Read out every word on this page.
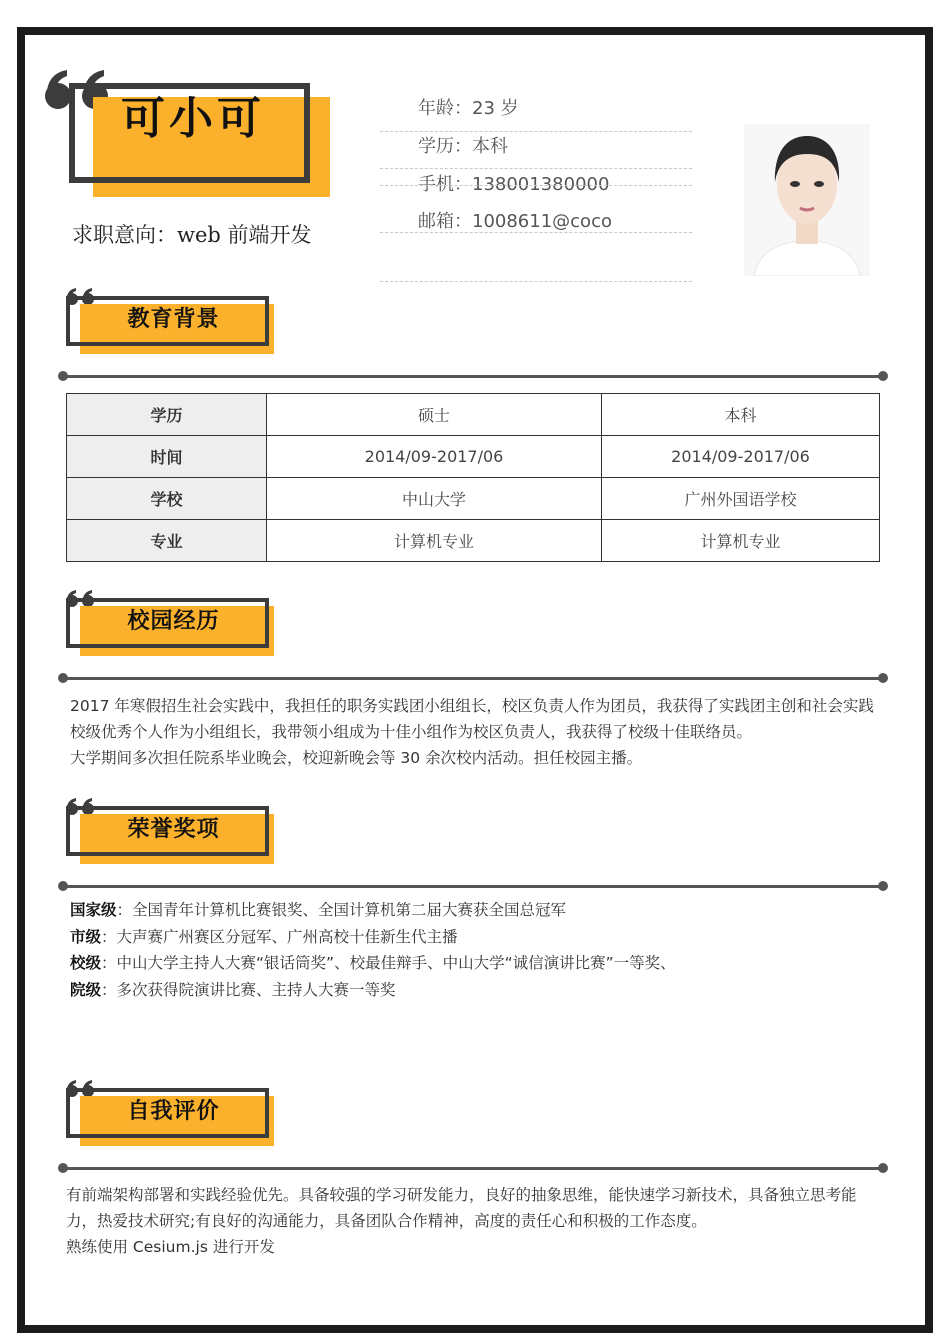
可小可
求职意向：web 前端开发
年龄：23 岁
学历：本科
手机：138001380000
邮箱：1008611@coco
教育背景
学历	硕士	本科
时间	2014/09-2017/06	2014/09-2017/06
学校	中山大学	广州外国语学校
专业	计算机专业	计算机专业
校园经历

2017 年寒假招生社会实践中，我担任的职务实践团小组组长，校区负责人作为团员，我获得了实践团主创和社会实践校级优秀个人作为小组组长，我带领小组成为十佳小组作为校区负责人，我获得了校级十佳联络员。

大学期间多次担任院系毕业晚会，校迎新晚会等 30 余次校内活动。担任校园主播。

荣誉奖项
国家级：全国青年计算机比赛银奖、全国计算机第二届大赛获全国总冠军
市级：大声赛广州赛区分冠军、广州高校十佳新生代主播
校级：中山大学主持人大赛“银话筒奖”、校最佳辩手、中山大学“诚信演讲比赛”一等奖、
院级：多次获得院演讲比赛、主持人大赛一等奖
自我评价

有前端架构部署和实践经验优先。具备较强的学习研发能力，良好的抽象思维，能快速学习新技术，具备独立思考能力，热爱技术研究;有良好的沟通能力，具备团队合作精神，高度的责任心和积极的工作态度。

熟练使用 Cesium.js 进行开发
